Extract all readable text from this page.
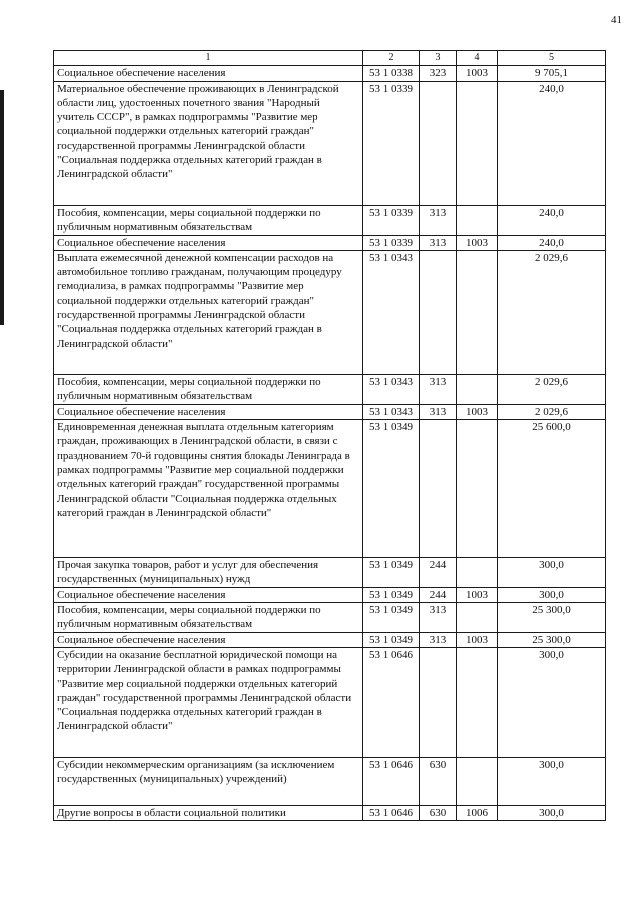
41
1	2	3	4	5
Социальное обеспечение населения	53 1 0338	323	1003	9 705,1
Материальное обеспечение проживающих в Ленинградской области лиц, удостоенных почетного звания "Народный учитель СССР", в рамках подпрограммы "Развитие мер социальной поддержки отдельных категорий граждан" государственной программы Ленинградской области "Социальная поддержка отдельных категорий граждан в Ленинградской области"	53 1 0339			240,0
Пособия, компенсации, меры социальной поддержки по публичным нормативным обязательствам	53 1 0339	313		240,0
Социальное обеспечение населения	53 1 0339	313	1003	240,0
Выплата ежемесячной денежной компенсации расходов на автомобильное топливо гражданам, получающим процедуру гемодиализа, в рамках подпрограммы "Развитие мер социальной поддержки отдельных категорий граждан" государственной программы Ленинградской области "Социальная поддержка отдельных категорий граждан в Ленинградской области"	53 1 0343			2 029,6
Пособия, компенсации, меры социальной поддержки по публичным нормативным обязательствам	53 1 0343	313		2 029,6
Социальное обеспечение населения	53 1 0343	313	1003	2 029,6
Единовременная денежная выплата отдельным категориям граждан, проживающих в Ленинградской области, в связи с празднованием 70-й годовщины снятия блокады Ленинграда в рамках подпрограммы "Развитие мер социальной поддержки отдельных категорий граждан" государственной программы Ленинградской области "Социальная поддержка отдельных категорий граждан в Ленинградской области"	53 1 0349			25 600,0
Прочая закупка товаров, работ и услуг для обеспечения государственных (муниципальных) нужд	53 1 0349	244		300,0
Социальное обеспечение населения	53 1 0349	244	1003	300,0
Пособия, компенсации, меры социальной поддержки по публичным нормативным обязательствам	53 1 0349	313		25 300,0
Социальное обеспечение населения	53 1 0349	313	1003	25 300,0
Субсидии на оказание бесплатной юридической помощи на территории Ленинградской области в рамках подпрограммы "Развитие мер социальной поддержки отдельных категорий граждан" государственной программы Ленинградской области "Социальная поддержка отдельных категорий граждан в Ленинградской области"	53 1 0646			300,0
Субсидии некоммерческим организациям (за исключением государственных (муниципальных) учреждений)	53 1 0646	630		300,0
Другие вопросы в области социальной политики	53 1 0646	630	1006	300,0
